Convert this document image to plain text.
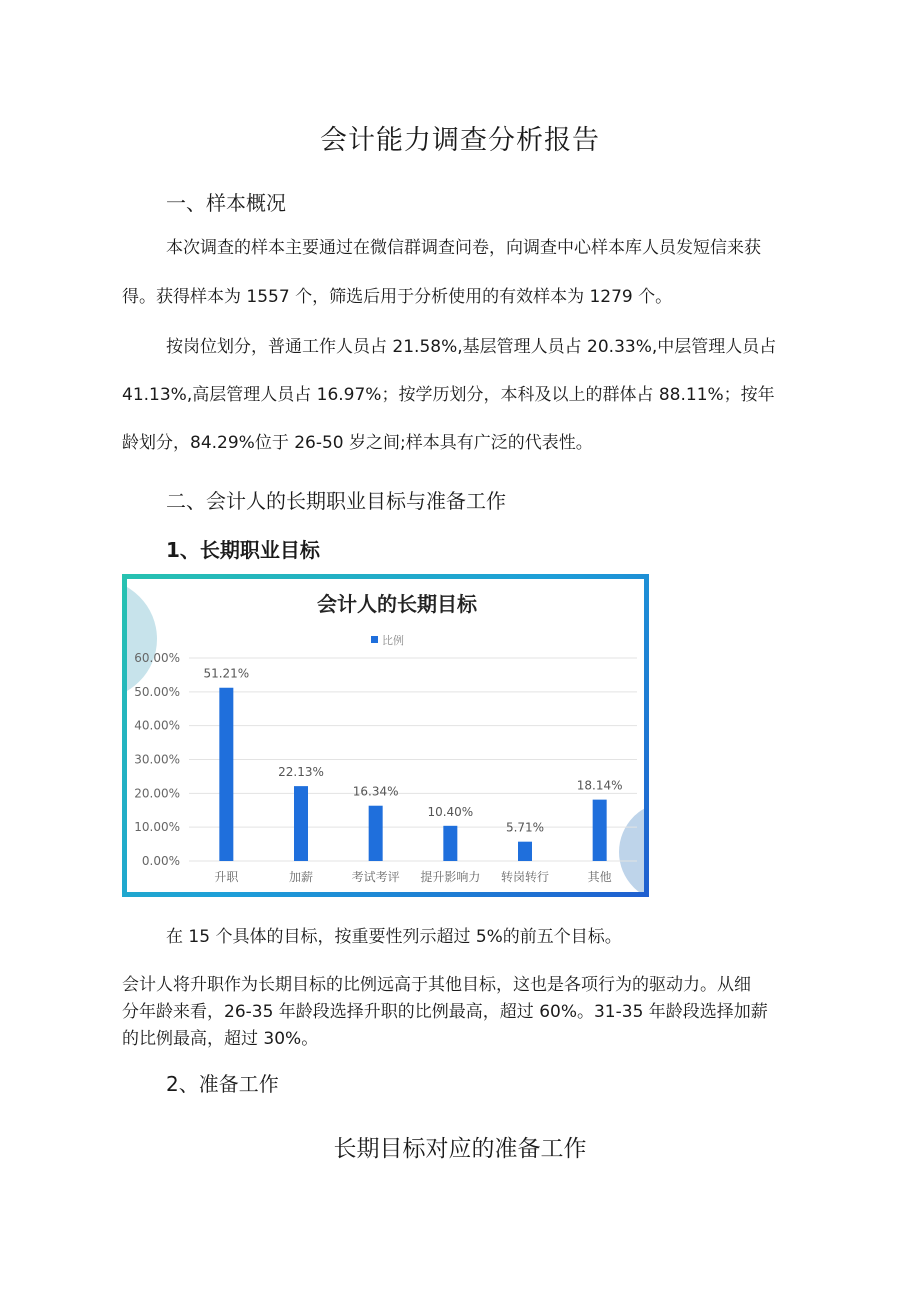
会计能力调查分析报告
一、样本概况
本次调查的样本主要通过在微信群调查问卷，向调查中心样本库人员发短信来获
得。获得样本为 1557 个，筛选后用于分析使用的有效样本为 1279 个。
按岗位划分，普通工作人员占 21.58%,基层管理人员占 20.33%,中层管理人员占
41.13%,高层管理人员占 16.97%；按学历划分，本科及以上的群体占 88.11%；按年
龄划分，84.29%位于 26-50 岁之间;样本具有广泛的代表性。
二、会计人的长期职业目标与准备工作
1、长期职业目标
会计人的长期目标
比例
0.00%
10.00%
20.00%
30.00%
40.00%
50.00%
60.00%
51.21%
升职
22.13%
加薪
16.34%
考试考评
10.40%
提升影响力
5.71%
转岗转行
18.14%
其他
在 15 个具体的目标，按重要性列示超过 5%的前五个目标。
会计人将升职作为长期目标的比例远高于其他目标，这也是各项行为的驱动力。从细
分年龄来看，26-35 年龄段选择升职的比例最高，超过 60%。31-35 年龄段选择加薪
的比例最高，超过 30%。
2、准备工作
长期目标对应的准备工作
